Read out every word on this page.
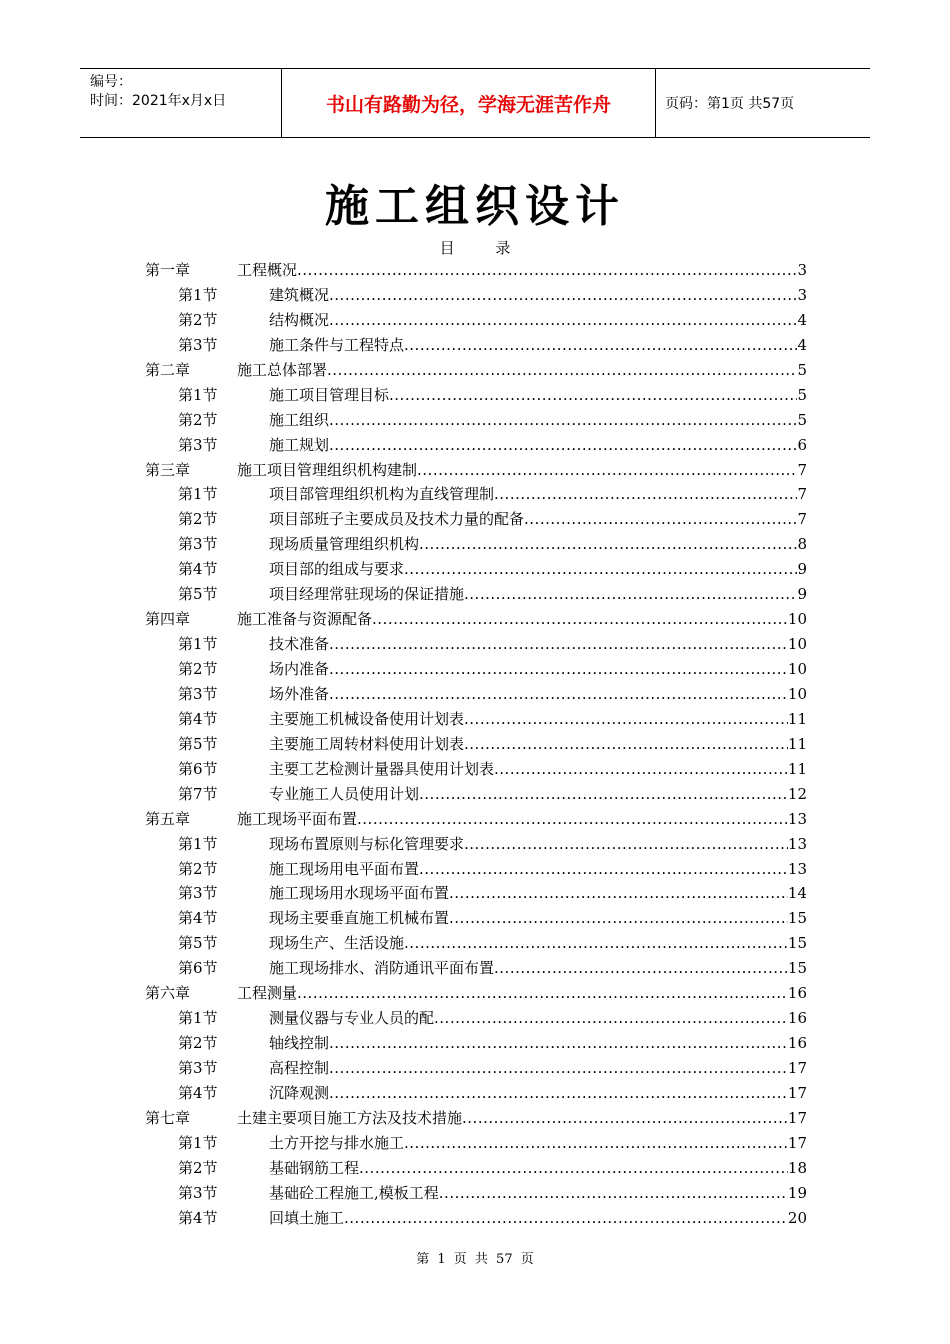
编号：
时间：2021年x月x日	书山有路勤为径，学海无涯苦作舟	页码：第1页 共57页
施工组织设计
目 录
第一章	工程概况 .....	3
第1节	建筑概况 .....	3
第2节	结构概况 .....	4
第3节	施工条件与工程特点 .....	4
第二章	施工总体部署 .....	5
第1节	施工项目管理目标 .....	5
第2节	施工组织 .....	5
第3节	施工规划 .....	6
第三章	施工项目管理组织机构建制 .....	7
第1节	项目部管理组织机构为直线管理制 .....	7
第2节	项目部班子主要成员及技术力量的配备 .....	7
第3节	现场质量管理组织机构 .....	8
第4节	项目部的组成与要求 .....	9
第5节	项目经理常驻现场的保证措施 .....	9
第四章	施工准备与资源配备 .....	10
第1节	技术准备 .....	10
第2节	场内准备 .....	10
第3节	场外准备 .....	10
第4节	主要施工机械设备使用计划表 .....	11
第5节	主要施工周转材料使用计划表 .....	11
第6节	主要工艺检测计量器具使用计划表 .....	11
第7节	专业施工人员使用计划 .....	12
第五章	施工现场平面布置 .....	13
第1节	现场布置原则与标化管理要求 .....	13
第2节	施工现场用电平面布置 .....	13
第3节	施工现场用水现场平面布置 .....	14
第4节	现场主要垂直施工机械布置 .....	15
第5节	现场生产、生活设施 .....	15
第6节	施工现场排水、消防通讯平面布置 .....	15
第六章	工程测量 .....	16
第1节	测量仪器与专业人员的配 .....	16
第2节	轴线控制 .....	16
第3节	高程控制 .....	17
第4节	沉降观测 .....	17
第七章	土建主要项目施工方法及技术措施 .....	17
第1节	土方开挖与排水施工 .....	17
第2节	基础钢筋工程 .....	18
第3节	基础砼工程施工,模板工程 .....	19
第4节	回填土施工 .....	20
第 1 页 共 57 页
